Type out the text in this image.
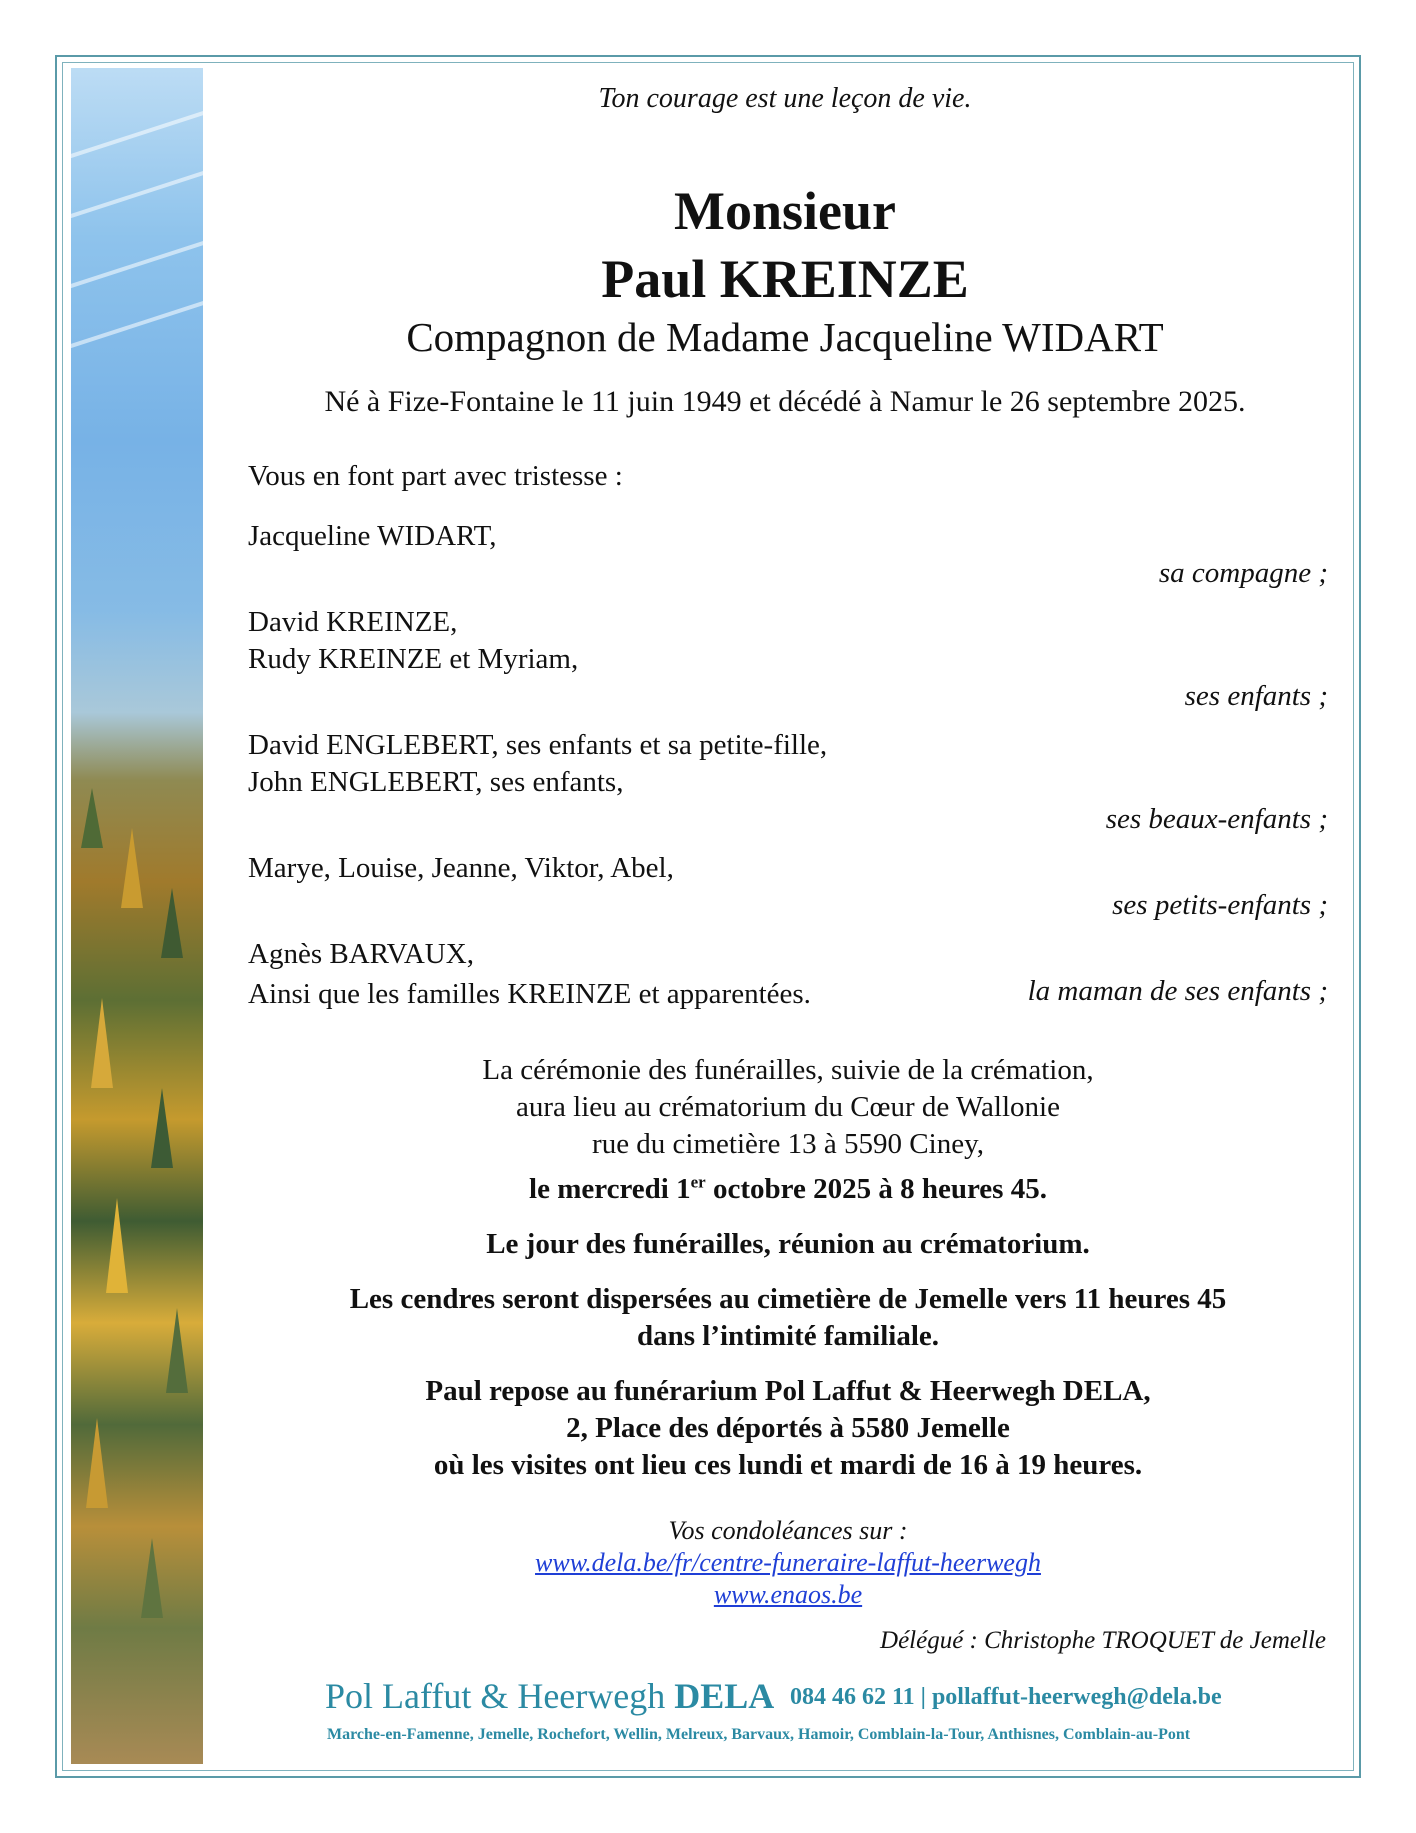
Ton courage est une leçon de vie.
Monsieur
Paul KREINZE
Compagnon de Madame Jacqueline WIDART
Né à Fize-Fontaine le 11 juin 1949 et décédé à Namur le 26 septembre 2025.
Vous en font part avec tristesse :
Jacqueline WIDART,
sa compagne ;
David KREINZE,
Rudy KREINZE et Myriam,
ses enfants ;
David ENGLEBERT, ses enfants et sa petite-fille,
John ENGLEBERT, ses enfants,
ses beaux-enfants ;
Marye, Louise, Jeanne, Viktor, Abel,
ses petits-enfants ;
Agnès BARVAUX,
la maman de ses enfants ;
Ainsi que les familles KREINZE et apparentées.
La cérémonie des funérailles, suivie de la crémation,
aura lieu au crématorium du Cœur de Wallonie
rue du cimetière 13 à 5590 Ciney,
le mercredi 1er octobre 2025 à 8 heures 45.
Le jour des funérailles, réunion au crématorium.
Les cendres seront dispersées au cimetière de Jemelle vers 11 heures 45
dans l’intimité familiale.
Paul repose au funérarium Pol Laffut & Heerwegh DELA,
2, Place des déportés à 5580 Jemelle
où les visites ont lieu ces lundi et mardi de 16 à 19 heures.
Vos condoléances sur :
www.dela.be/fr/centre-funeraire-laffut-heerwegh
www.enaos.be
Délégué : Christophe TROQUET de Jemelle
Pol Laffut & Heerwegh DELA 084 46 62 11 | pollaffut-heerwegh@dela.be
Marche-en-Famenne, Jemelle, Rochefort, Wellin, Melreux, Barvaux, Hamoir, Comblain-la-Tour, Anthisnes, Comblain-au-Pont
